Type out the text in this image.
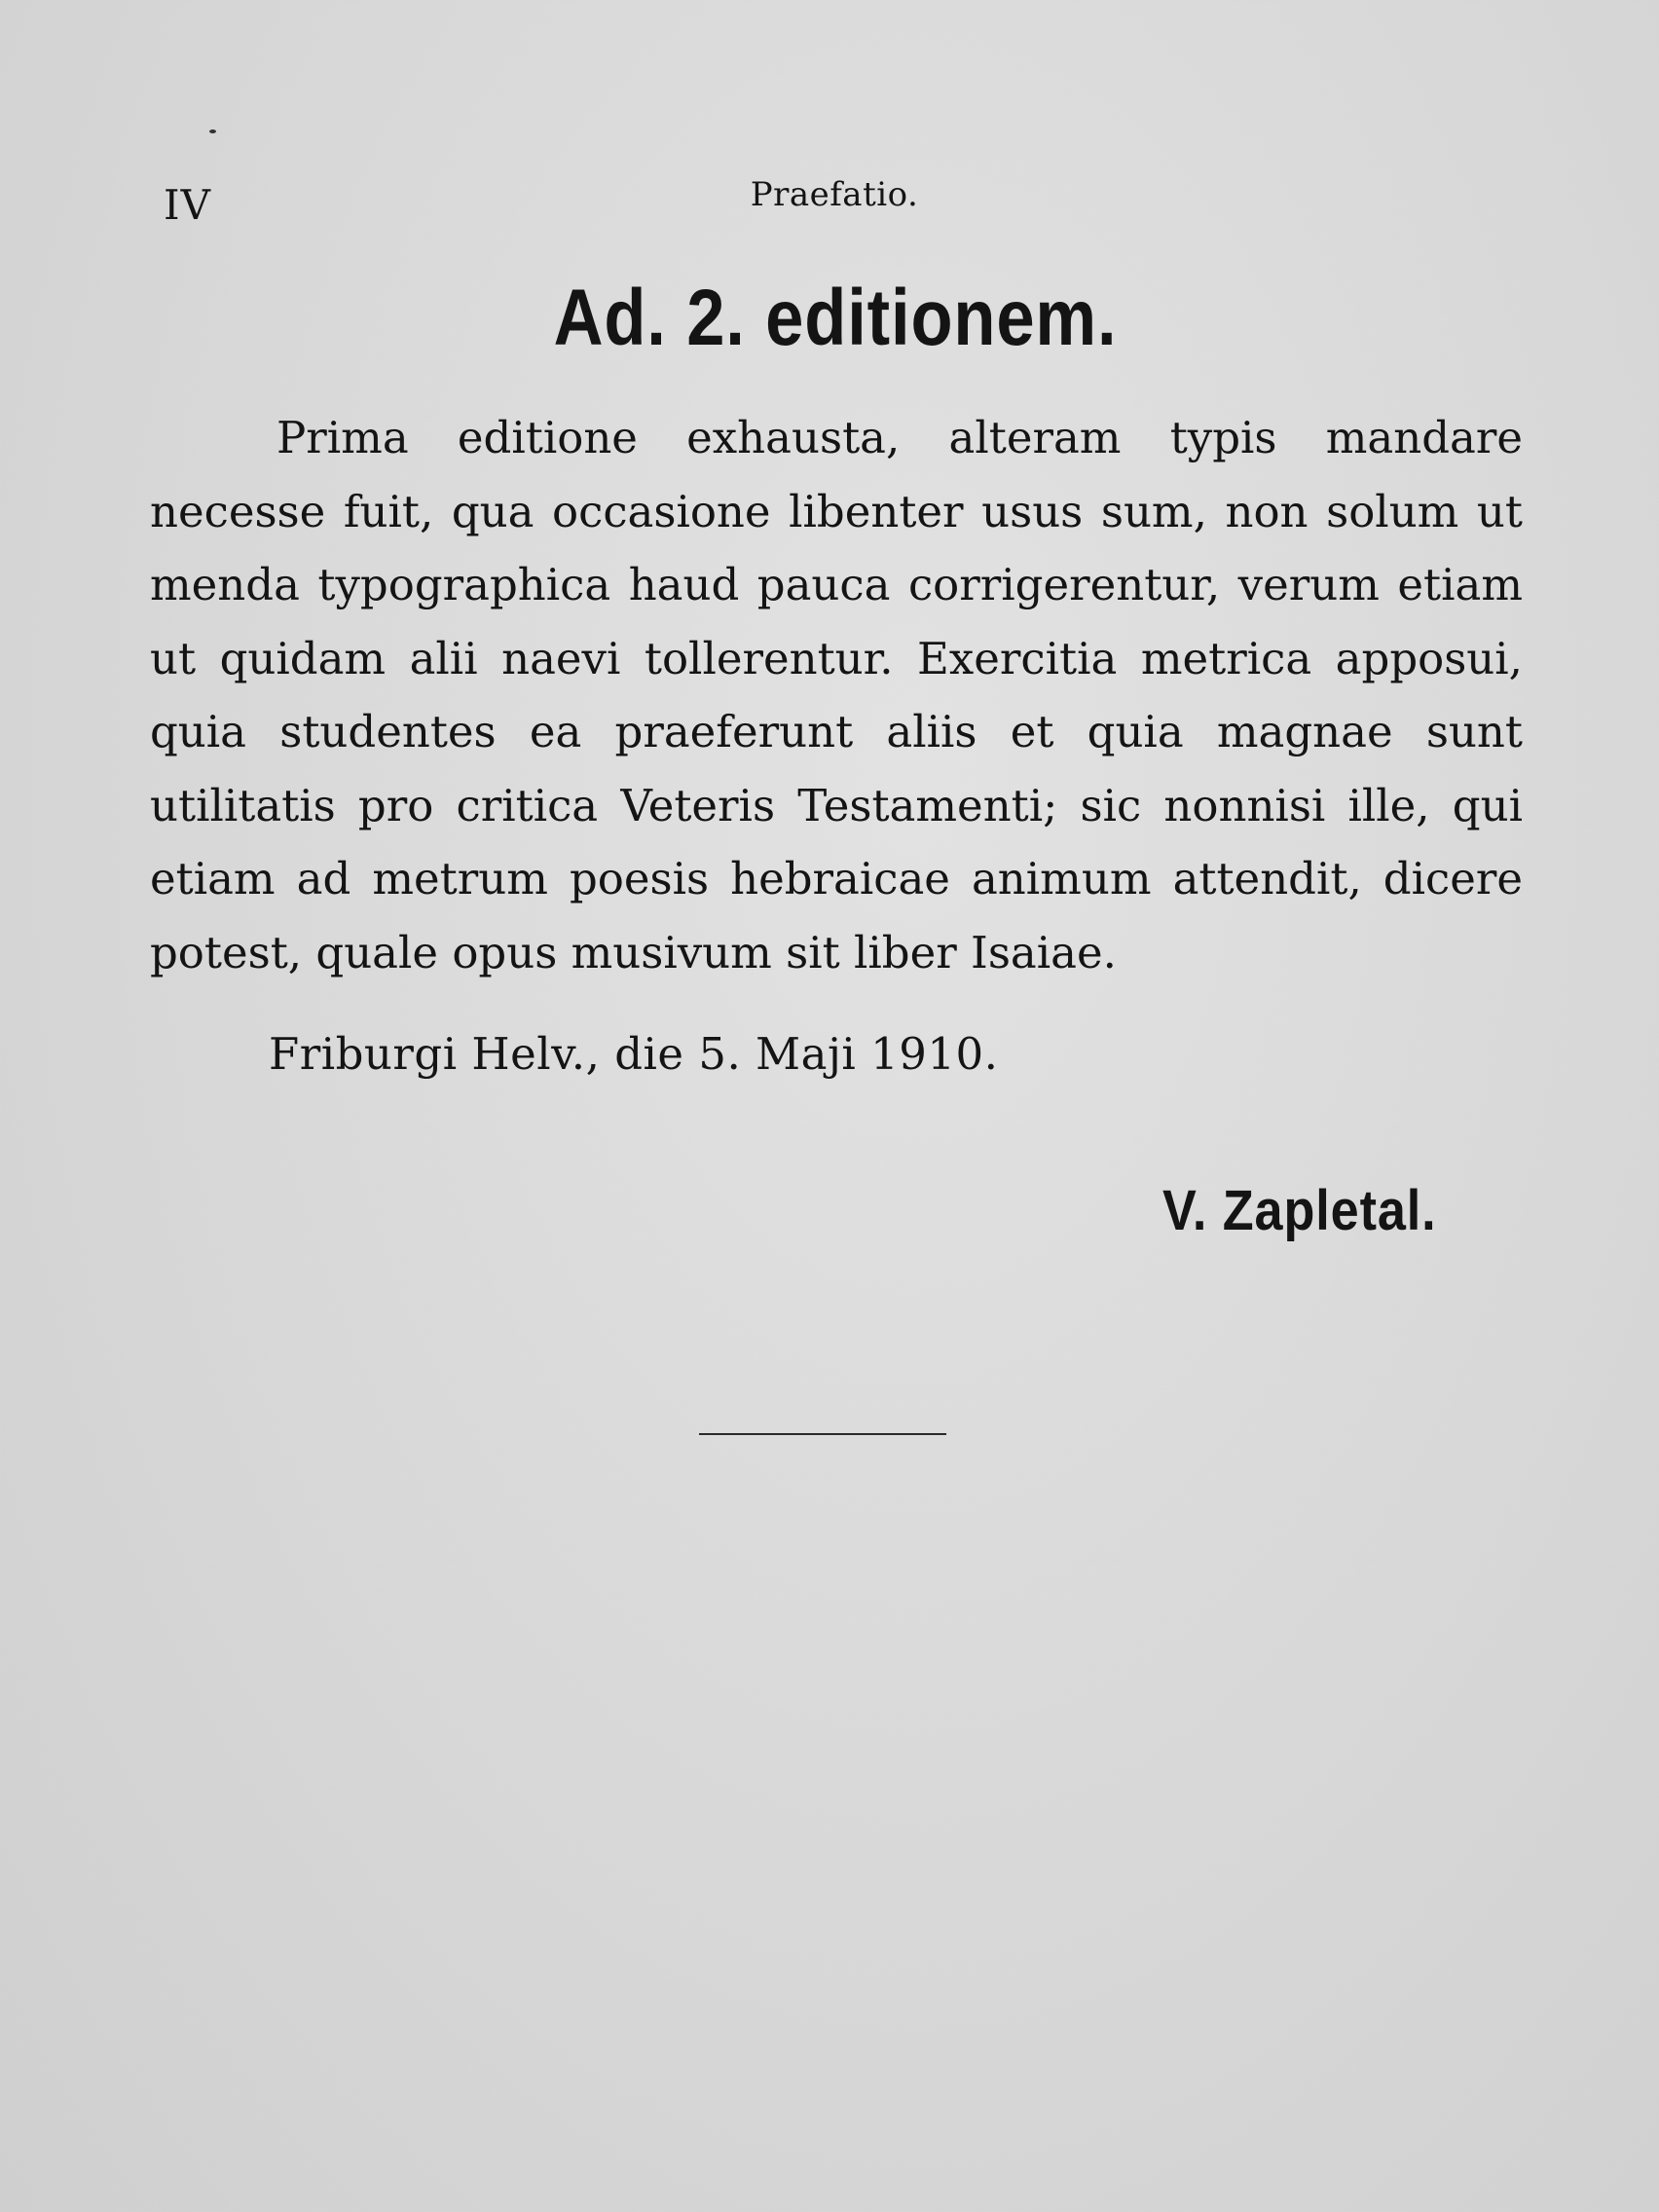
IV	Praefatio.
Ad. 2. editionem.

Prima editione exhausta, alteram typis mandare necesse fuit, qua occasione libenter usus sum, non solum ut menda typographica haud pauca corrigerentur, verum etiam ut quidam alii naevi tollerentur. Exercitia metrica apposui, quia studentes ea praeferunt aliis et quia magnae sunt utilitatis pro critica Veteris Testamenti; sic nonnisi ille, qui etiam ad metrum poesis hebraicae animum attendit, dicere potest, quale opus musivum sit liber Isaiae.

Friburgi Helv., die 5. Maji 1910.
V. Zapletal.
